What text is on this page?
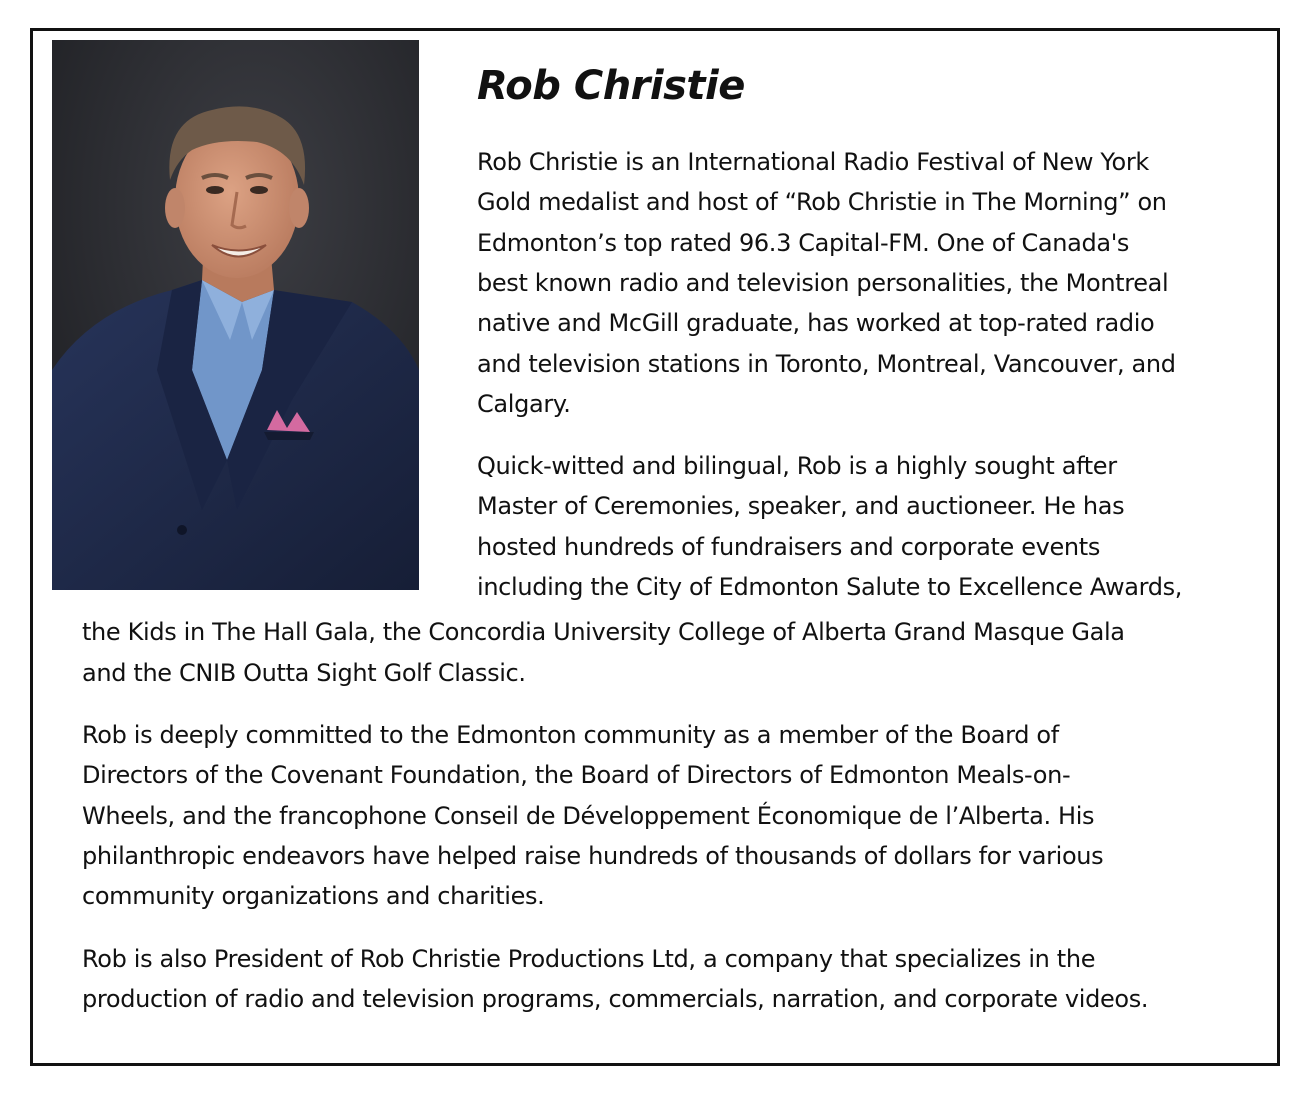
Rob Christie
Rob Christie is an International Radio Festival of New York
Gold medalist and host of “Rob Christie in The Morning” on
Edmonton’s top rated 96.3 Capital-FM. One of Canada's
best known radio and television personalities, the Montreal
native and McGill graduate, has worked at top-rated radio
and television stations in Toronto, Montreal, Vancouver, and
Calgary.
Quick-witted and bilingual, Rob is a highly sought after
Master of Ceremonies, speaker, and auctioneer. He has
hosted hundreds of fundraisers and corporate events
including the City of Edmonton Salute to Excellence Awards,
the Kids in The Hall Gala, the Concordia University College of Alberta Grand Masque Gala
and the CNIB Outta Sight Golf Classic.
Rob is deeply committed to the Edmonton community as a member of the Board of
Directors of the Covenant Foundation, the Board of Directors of Edmonton Meals-on-
Wheels, and the francophone Conseil de Développement Économique de l’Alberta. His
philanthropic endeavors have helped raise hundreds of thousands of dollars for various
community organizations and charities.
Rob is also President of Rob Christie Productions Ltd, a company that specializes in the
production of radio and television programs, commercials, narration, and corporate videos.
